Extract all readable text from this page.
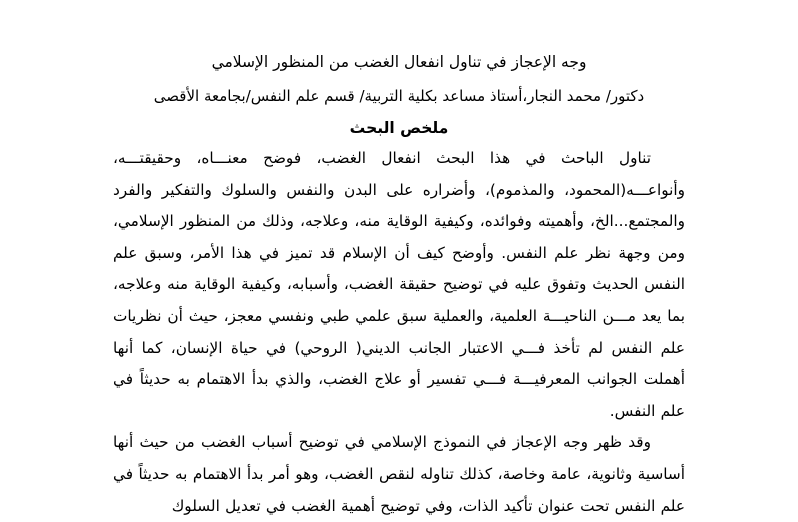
وجه الإعجاز في تناول انفعال الغضب من المنظور الإسلامي

دكتور/ محمد النجار،أستاذ مساعد بكلية التربية/ قسم علم النفس/بجامعة الأقصى

ملخص البحث

تناول الباحث في هذا البحث انفعال الغضب، فوضح معنـــاه، وحقيقتـــه، وأنواعـــه(المحمود، والمذموم)، وأضراره على البدن والنفس والسلوك والتفكير والفرد والمجتمع...الخ، وأهميته وفوائده، وكيفية الوقاية منه، وعلاجه، وذلك من المنظور الإسلامي، ومن وجهة نظر علم النفس. وأوضح كيف أن الإسلام قد تميز في هذا الأمر، وسبق علم النفس الحديث وتفوق عليه في توضيح حقيقة الغضب، وأسبابه، وكيفية الوقاية منه وعلاجه، بما يعد مـــن الناحيـــة العلمية، والعملية سبق علمي طبي ونفسي معجز، حيث أن نظريات علم النفس لم تأخذ فـــي الاعتبار الجانب الديني( الروحي) في حياة الإنسان، كما أنها أهملت الجوانب المعرفيـــة فـــي تفسير أو علاج الغضب، والذي بدأ الاهتمام به حديثاً في علم النفس.

وقد ظهر وجه الإعجاز في النموذج الإسلامي في توضيح أسباب الغضب من حيث أنها أساسية وثانوية، عامة وخاصة، كذلك تناوله لنقص الغضب، وهو أمر بدأ الاهتمام به حديثاً في علم النفس تحت عنوان تأكيد الذات، وفي توضيح أهمية الغضب في تعديل السلوك
